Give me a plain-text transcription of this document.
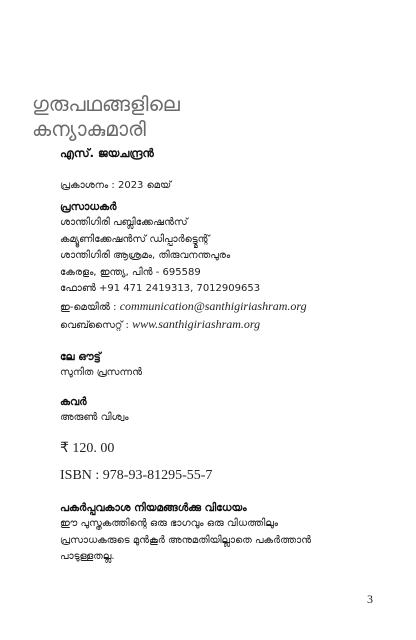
ഗുരുപഥങ്ങളിലെ
കന്യാകുമാരി
എസ്. ജയചന്ദ്രൻ
പ്രകാശനം : 2023 മെയ്
പ്രസാധകർ
ശാന്തിഗിരി പബ്ലിക്കേഷൻസ്
കമ്യൂണിക്കേഷൻസ് ഡിപ്പാർട്ട്മെന്റ്
ശാന്തിഗിരി ആശ്രമം, തിരുവനന്തപുരം
കേരളം, ഇന്ത്യ, പിൻ - 695589
ഫോൺ +91 471 2419313, 7012909653
ഇ-മെയിൽ : communication@santhigiriashram.org
വെബ്സൈറ്റ് : www.santhigiriashram.org
ലേ ഔട്ട്
സുനിത പ്രസന്നൻ
കവർ
അരുൺ വിശ്വം
₹ 120. 00
ISBN : 978-93-81295-55-7
പകർപ്പവകാശ നിയമങ്ങൾക്കു വിധേയം
ഈ പുസ്തകത്തിന്റെ ഒരു ഭാഗവും ഒരു വിധത്തിലും
പ്രസാധകരുടെ മുൻകൂർ അനുമതിയില്ലാതെ പകർത്താൻ
പാടുള്ളതല്ല.
3
